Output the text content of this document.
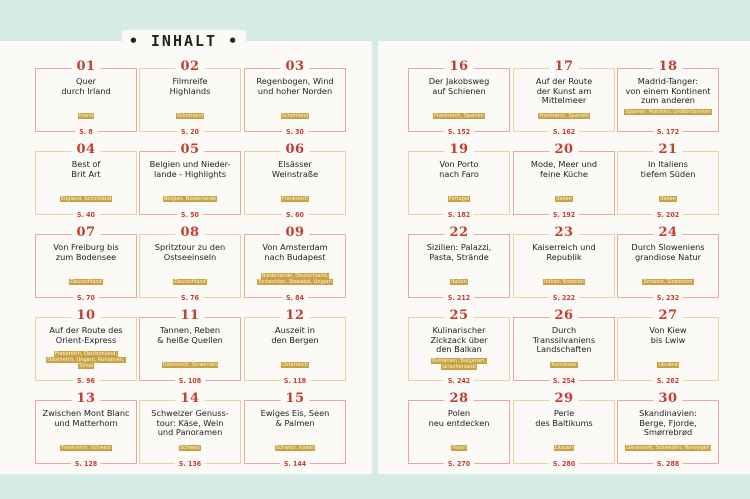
• INHALT •
01
Quer
durch Irland
Irland
S. 8
02
Filmreife
Highlands
Schottland
S. 20
03
Regenbogen, Wind
und hoher Norden
Schottland
S. 30
04
Best of
Brit Art
England, Schottland
S. 40
05
Belgien und Nieder-
lande - Highlights
Belgien, Niederlande
S. 50
06
Elsässer
Weinstraße
Frankreich
S. 60
07
Von Freiburg bis
zum Bodensee
Deutschland
S. 70
08
Spritztour zu den
Ostseeinseln
Deutschland
S. 76
09
Von Amsterdam
nach Budapest
Niederlande, Deutschland, Tschechien, Slowakei, Ungarn
S. 84
10
Auf der Route des
Orient-Express
Frankreich, Deutschland, Österreich, Ungarn, Rumänien, Türkei
S. 96
11
Tannen, Reben
& heiße Quellen
Österreich, Slowenien
S. 108
12
Auszeit in
den Bergen
Österreich
S. 118
13
Zwischen Mont Blanc
und Matterhorn
Frankreich, Schweiz
S. 128
14
Schweizer Genuss-
tour: Käse, Wein
und Panoramen
Schweiz
S. 136
15
Ewiges Eis, Seen
& Palmen
Schweiz, Italien
S. 144
16
Der Jakobsweg
auf Schienen
Frankreich, Spanien
S. 152
17
Auf der Route
der Kunst am
Mittelmeer
Frankreich, Spanien
S. 162
18
Madrid-Tanger:
von einem Kontinent
zum anderen
Spanien, Marokko, Großbritannien
S. 172
19
Von Porto
nach Faro
Portugal
S. 182
20
Mode, Meer und
feine Küche
Italien
S. 192
21
In Italiens
tiefem Süden
Italien
S. 202
22
Sizilien: Palazzi,
Pasta, Strände
Italien
S. 212
23
Kaiserreich und
Republik
Italien, Kroatien
S. 222
24
Durch Sloweniens
grandiose Natur
Schweiz, Slowenien
S. 232
25
Kulinarischer
Zickzack über
den Balkan
Rumänien, Bulgarien, Griechenland
S. 242
26
Durch
Transsilvaniens
Landschaften
Rumänien
S. 254
27
Von Kiew
bis Lwiw
Ukraine
S. 262
28
Polen
neu entdecken
Polen
S. 270
29
Perle
des Baltikums
Litauen
S. 280
30
Skandinavien:
Berge, Fjorde,
Smørrebrød
Dänemark, Schweden, Norwegen
S. 288
